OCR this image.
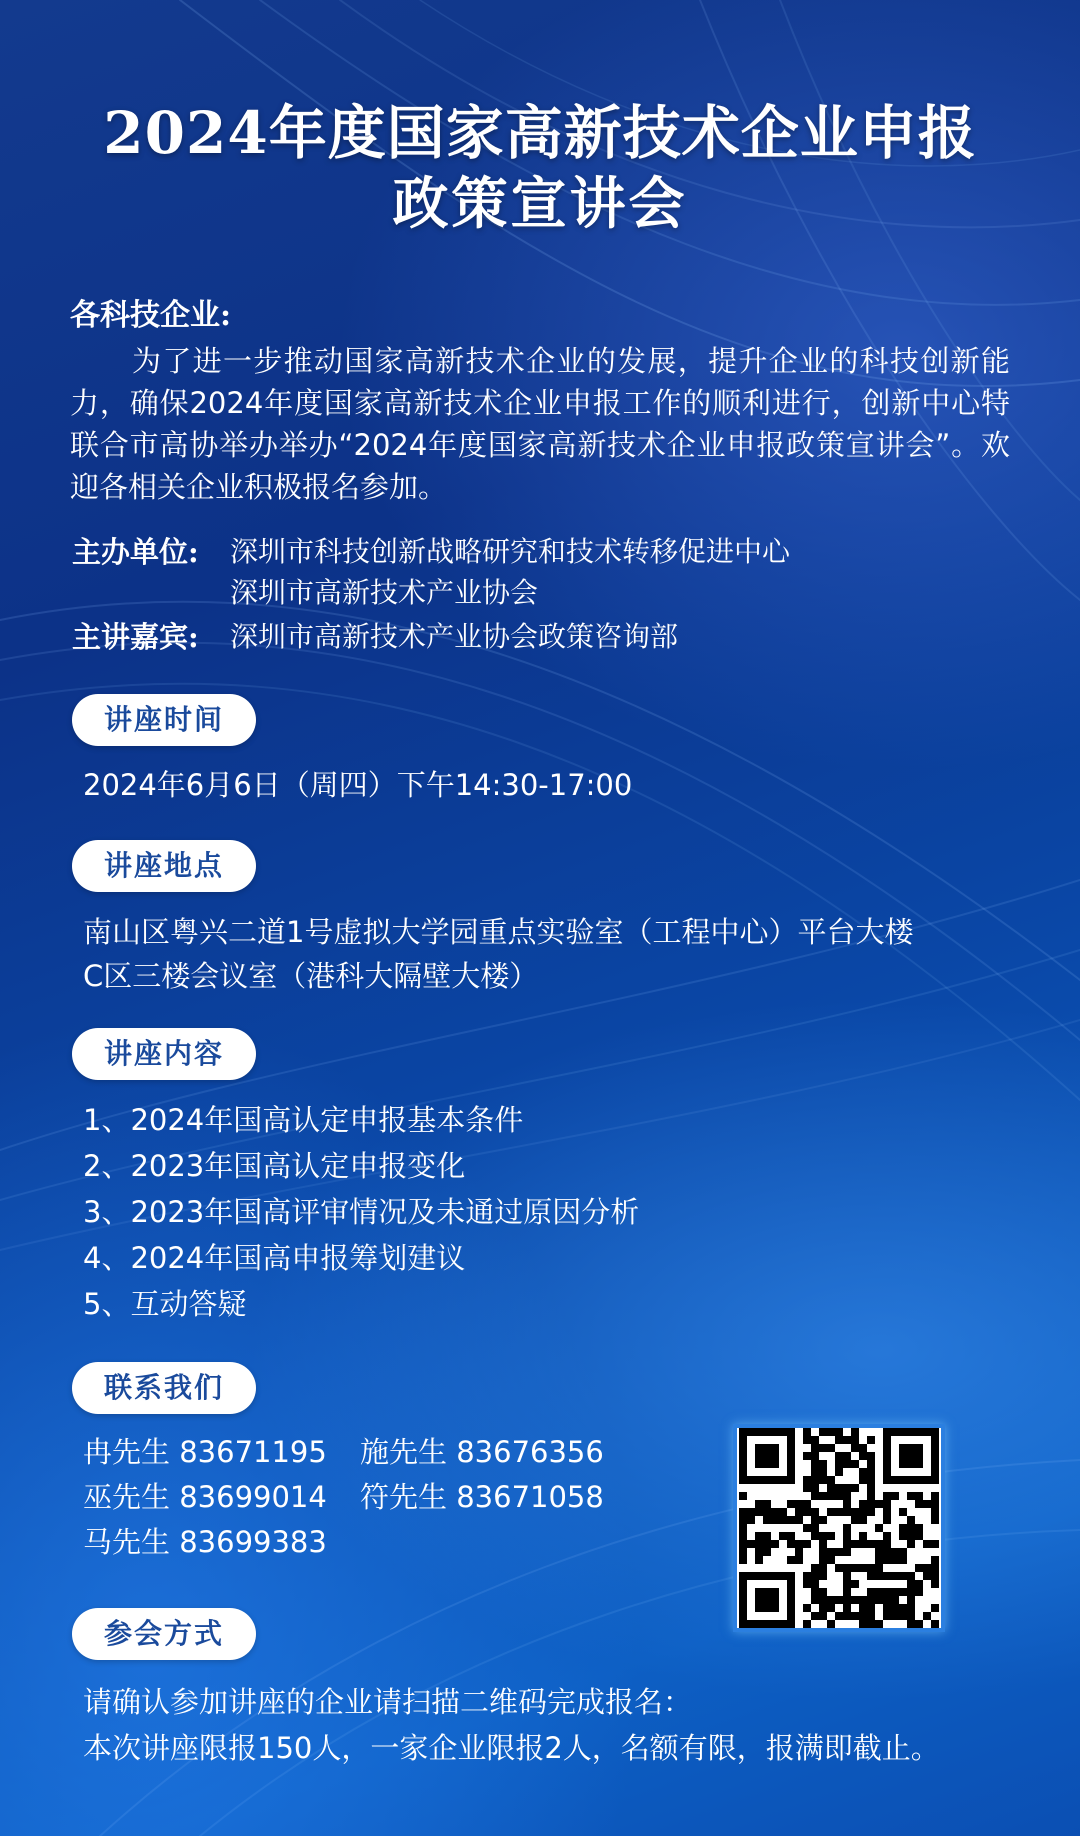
2024年度国家高新技术企业申报
政策宣讲会
各科技企业:
为了进一步推动国家高新技术企业的发展，提升企业的科技创新能力，确保2024年度国家高新技术企业申报工作的顺利进行，创新中心特联合市高协举办举办“2024年度国家高新技术企业申报政策宣讲会”。欢迎各相关企业积极报名参加。
主办单位: 深圳市科技创新战略研究和技术转移促进中心
深圳市高新技术产业协会
主讲嘉宾: 深圳市高新技术产业协会政策咨询部
讲座时间
2024年6月6日（周四）下午14:30-17:00
讲座地点
南山区粤兴二道1号虚拟大学园重点实验室（工程中心）平台大楼
C区三楼会议室（港科大隔壁大楼）
讲座内容
1、2024年国高认定申报基本条件
2、2023年国高认定申报变化
3、2023年国高评审情况及未通过原因分析
4、2024年国高申报筹划建议
5、互动答疑
联系我们
冉先生 83671195 施先生 83676356
巫先生 83699014 符先生 83671058
马先生 83699383
参会方式
请确认参加讲座的企业请扫描二维码完成报名：
本次讲座限报150人，一家企业限报2人，名额有限，报满即截止。
